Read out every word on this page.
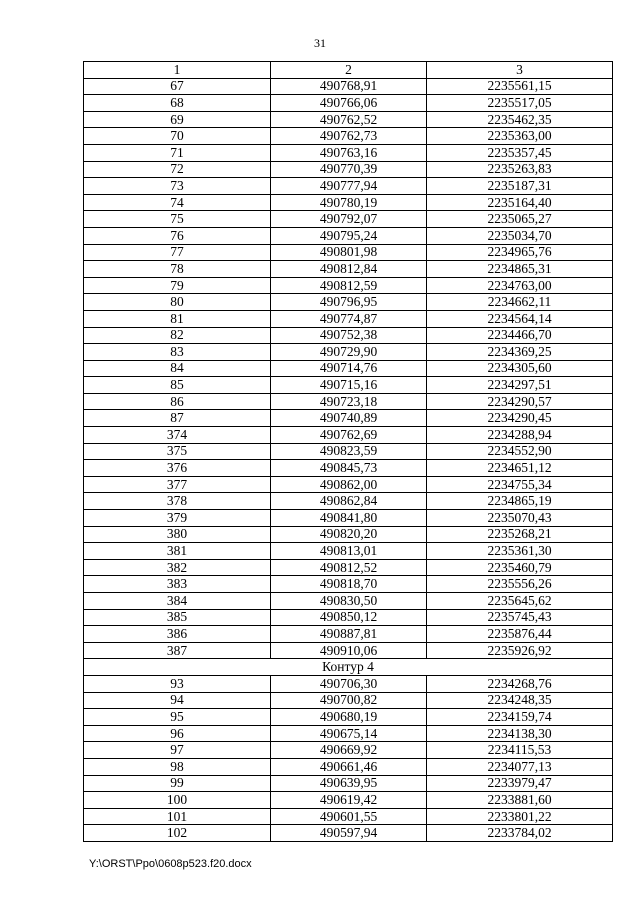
31
1	2	3
67	490768,91	2235561,15
68	490766,06	2235517,05
69	490762,52	2235462,35
70	490762,73	2235363,00
71	490763,16	2235357,45
72	490770,39	2235263,83
73	490777,94	2235187,31
74	490780,19	2235164,40
75	490792,07	2235065,27
76	490795,24	2235034,70
77	490801,98	2234965,76
78	490812,84	2234865,31
79	490812,59	2234763,00
80	490796,95	2234662,11
81	490774,87	2234564,14
82	490752,38	2234466,70
83	490729,90	2234369,25
84	490714,76	2234305,60
85	490715,16	2234297,51
86	490723,18	2234290,57
87	490740,89	2234290,45
374	490762,69	2234288,94
375	490823,59	2234552,90
376	490845,73	2234651,12
377	490862,00	2234755,34
378	490862,84	2234865,19
379	490841,80	2235070,43
380	490820,20	2235268,21
381	490813,01	2235361,30
382	490812,52	2235460,79
383	490818,70	2235556,26
384	490830,50	2235645,62
385	490850,12	2235745,43
386	490887,81	2235876,44
387	490910,06	2235926,92
Контур 4		
93	490706,30	2234268,76
94	490700,82	2234248,35
95	490680,19	2234159,74
96	490675,14	2234138,30
97	490669,92	2234115,53
98	490661,46	2234077,13
99	490639,95	2233979,47
100	490619,42	2233881,60
101	490601,55	2233801,22
102	490597,94	2233784,02
Y:\ORST\Ppo\0608p523.f20.docx
